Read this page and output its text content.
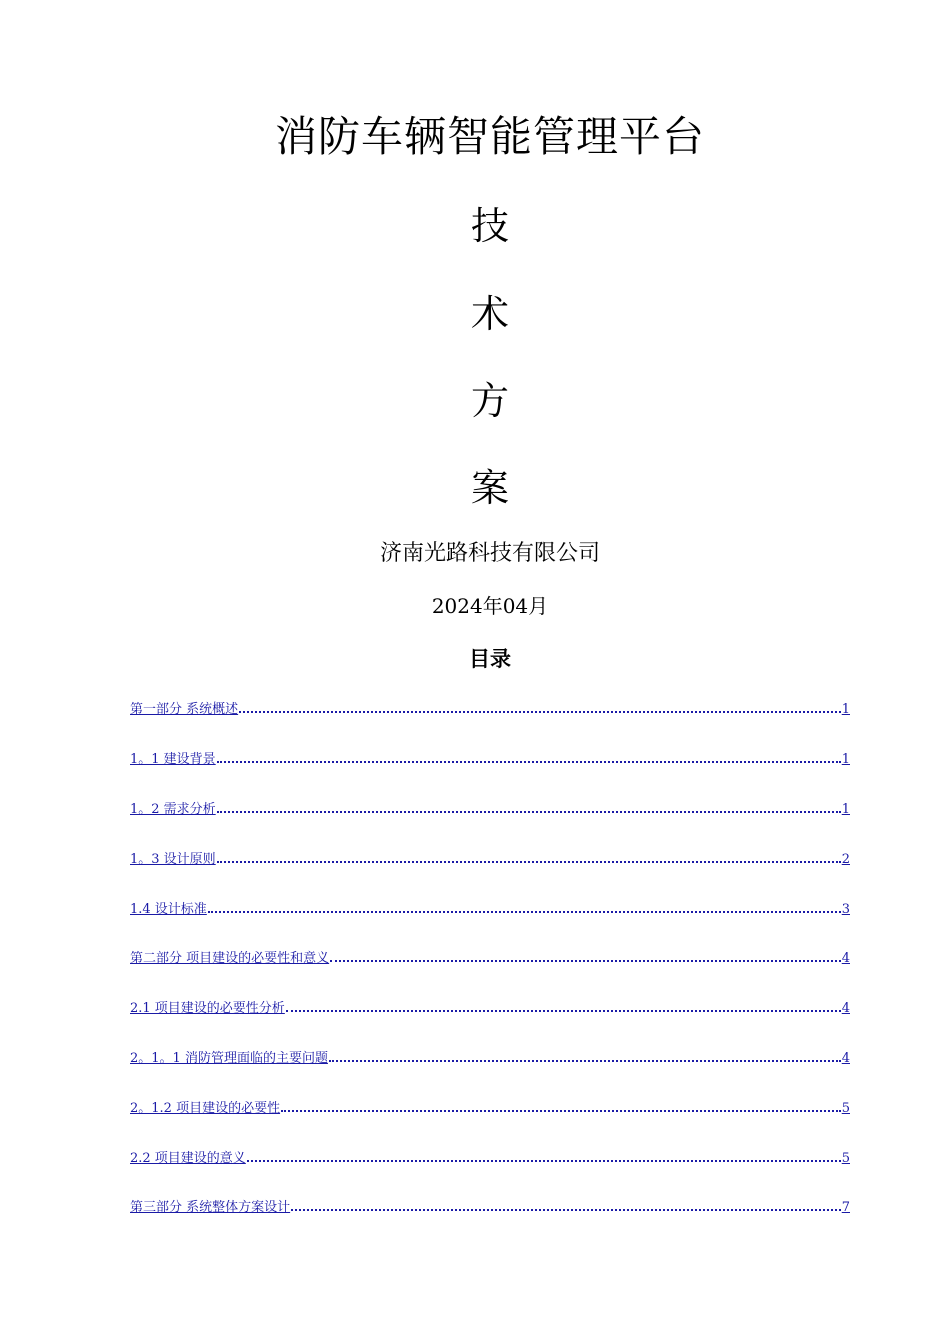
消防车辆智能管理平台
技
术
方
案
济南光路科技有限公司
2024年04月
目录
第一部分 系统概述	1
1。1 建设背景	1
1。2 需求分析	1
1。3 设计原则	2
1.4 设计标准	3
第二部分 项目建设的必要性和意义	4
2.1 项目建设的必要性分析	4
2。1。1 消防管理面临的主要问题	4
2。1.2 项目建设的必要性	5
2.2 项目建设的意义	5
第三部分 系统整体方案设计	7
